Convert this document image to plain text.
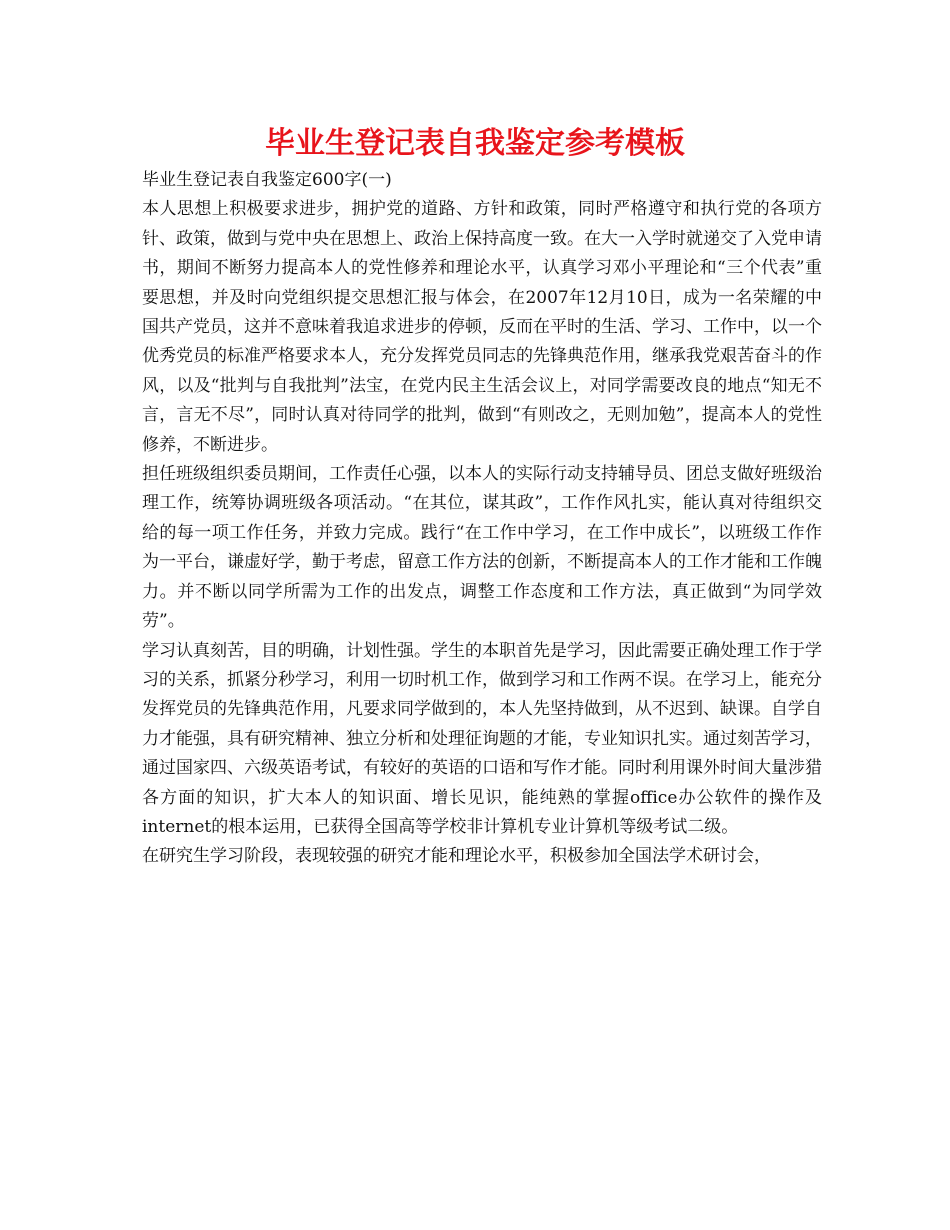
毕业生登记表自我鉴定参考模板

毕业生登记表自我鉴定600字(一)

本人思想上积极要求进步，拥护党的道路、方针和政策，同时严格遵守和执行党的各项方针、政策，做到与党中央在思想上、政治上保持高度一致。在大一入学时就递交了入党申请书，期间不断努力提高本人的党性修养和理论水平，认真学习邓小平理论和“三个代表”重要思想，并及时向党组织提交思想汇报与体会，在2007年12月10日，成为一名荣耀的中国共产党员，这并不意味着我追求进步的停顿，反而在平时的生活、学习、工作中，以一个优秀党员的标准严格要求本人，充分发挥党员同志的先锋典范作用，继承我党艰苦奋斗的作风，以及“批判与自我批判”法宝，在党内民主生活会议上，对同学需要改良的地点“知无不言，言无不尽”，同时认真对待同学的批判，做到“有则改之，无则加勉”，提高本人的党性修养，不断进步。

担任班级组织委员期间，工作责任心强，以本人的实际行动支持辅导员、团总支做好班级治理工作，统筹协调班级各项活动。“在其位，谋其政”，工作作风扎实，能认真对待组织交给的每一项工作任务，并致力完成。践行“在工作中学习，在工作中成长”，以班级工作作为一平台，谦虚好学，勤于考虑，留意工作方法的创新，不断提高本人的工作才能和工作魄力。并不断以同学所需为工作的出发点，调整工作态度和工作方法，真正做到“为同学效劳”。

学习认真刻苦，目的明确，计划性强。学生的本职首先是学习，因此需要正确处理工作于学习的关系，抓紧分秒学习，利用一切时机工作，做到学习和工作两不误。在学习上，能充分发挥党员的先锋典范作用，凡要求同学做到的，本人先坚持做到，从不迟到、缺课。自学自力才能强，具有研究精神、独立分析和处理征询题的才能，专业知识扎实。通过刻苦学习，通过国家四、六级英语考试，有较好的英语的口语和写作才能。同时利用课外时间大量涉猎各方面的知识，扩大本人的知识面、增长见识，能纯熟的掌握office办公软件的操作及internet的根本运用，已获得全国高等学校非计算机专业计算机等级考试二级。

在研究生学习阶段，表现较强的研究才能和理论水平，积极参加全国法学术研讨会，
